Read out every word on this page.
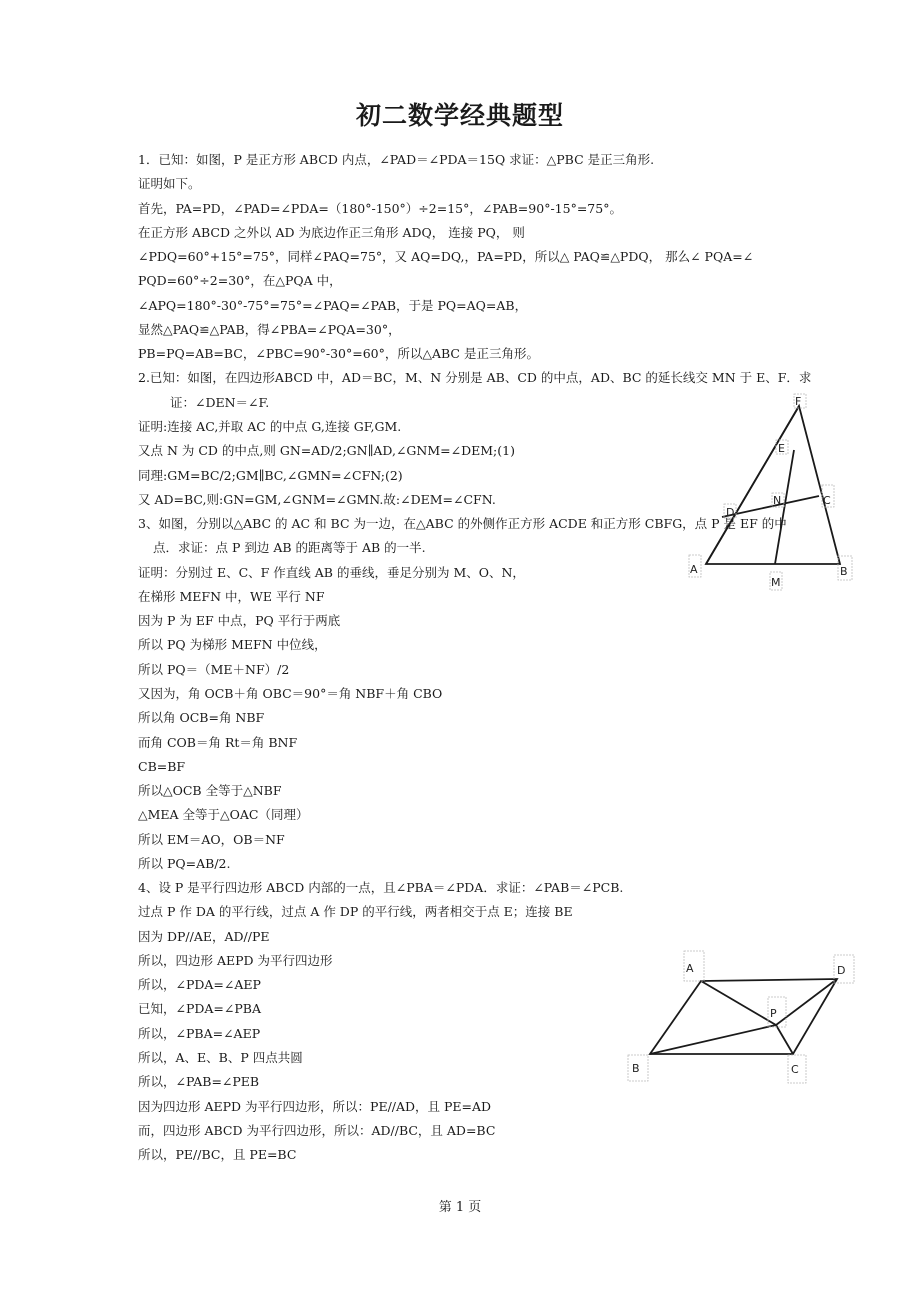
初二数学经典题型
1．已知：如图，P 是正方形 ABCD 内点，∠PAD＝∠PDA＝15Q 求证：△PBC 是正三角形.
证明如下。
首先，PA=PD，∠PAD=∠PDA=（180°-150°）÷2=15°，∠PAB=90°-15°=75°。
在正方形 ABCD 之外以 AD 为底边作正三角形 ADQ， 连接 PQ， 则
∠PDQ=60°+15°=75°，同样∠PAQ=75°，又 AQ=DQ,，PA=PD，所以△ PAQ≌△PDQ， 那么∠ PQA=∠
PQD=60°÷2=30°，在△PQA 中，
∠APQ=180°-30°-75°=75°=∠PAQ=∠PAB，于是 PQ=AQ=AB，
显然△PAQ≌△PAB，得∠PBA=∠PQA=30°，
PB=PQ=AB=BC，∠PBC=90°-30°=60°，所以△ABC 是正三角形。
2.已知：如图，在四边形ABCD 中，AD＝BC，M、N 分别是 AB、CD 的中点，AD、BC 的延长线交 MN 于 E、F．求
证：∠DEN＝∠F.
证明:连接 AC,并取 AC 的中点 G,连接 GF,GM.
又点 N 为 CD 的中点,则 GN=AD/2;GN∥AD,∠GNM=∠DEM;(1)
同理:GM=BC/2;GM∥BC,∠GMN=∠CFN;(2)
又 AD=BC,则:GN=GM,∠GNM=∠GMN.故:∠DEM=∠CFN.
3、如图，分别以△ABC 的 AC 和 BC 为一边，在△ABC 的外侧作正方形 ACDE 和正方形 CBFG，点 P 是 EF 的中
点．求证：点 P 到边 AB 的距离等于 AB 的一半.
证明：分别过 E、C、F 作直线 AB 的垂线，垂足分别为 M、O、N，
在梯形 MEFN 中，WE 平行 NF
因为 P 为 EF 中点，PQ 平行于两底
所以 PQ 为梯形 MEFN 中位线，
所以 PQ＝（ME＋NF）/2
又因为，角 OCB＋角 OBC＝90°＝角 NBF＋角 CBO
所以角 OCB=角 NBF
而角 COB＝角 Rt＝角 BNF
CB=BF
所以△OCB 全等于△NBF
△MEA 全等于△OAC（同理）
所以 EM＝AO，OB＝NF
所以 PQ=AB/2.
4、设 P 是平行四边形 ABCD 内部的一点，且∠PBA＝∠PDA．求证：∠PAB＝∠PCB.
过点 P 作 DA 的平行线，过点 A 作 DP 的平行线，两者相交于点 E；连接 BE
因为 DP//AE，AD//PE
所以，四边形 AEPD 为平行四边形
所以，∠PDA=∠AEP
已知，∠PDA=∠PBA
所以，∠PBA=∠AEP
所以，A、E、B、P 四点共圆
所以，∠PAB=∠PEB
因为四边形 AEPD 为平行四边形，所以：PE//AD，且 PE=AD
而，四边形 ABCD 为平行四边形，所以：AD//BC，且 AD=BC
所以，PE//BC，且 PE=BC
F
E
D
N	C
A
M
B
A	D
P
B	C
第 1 页
